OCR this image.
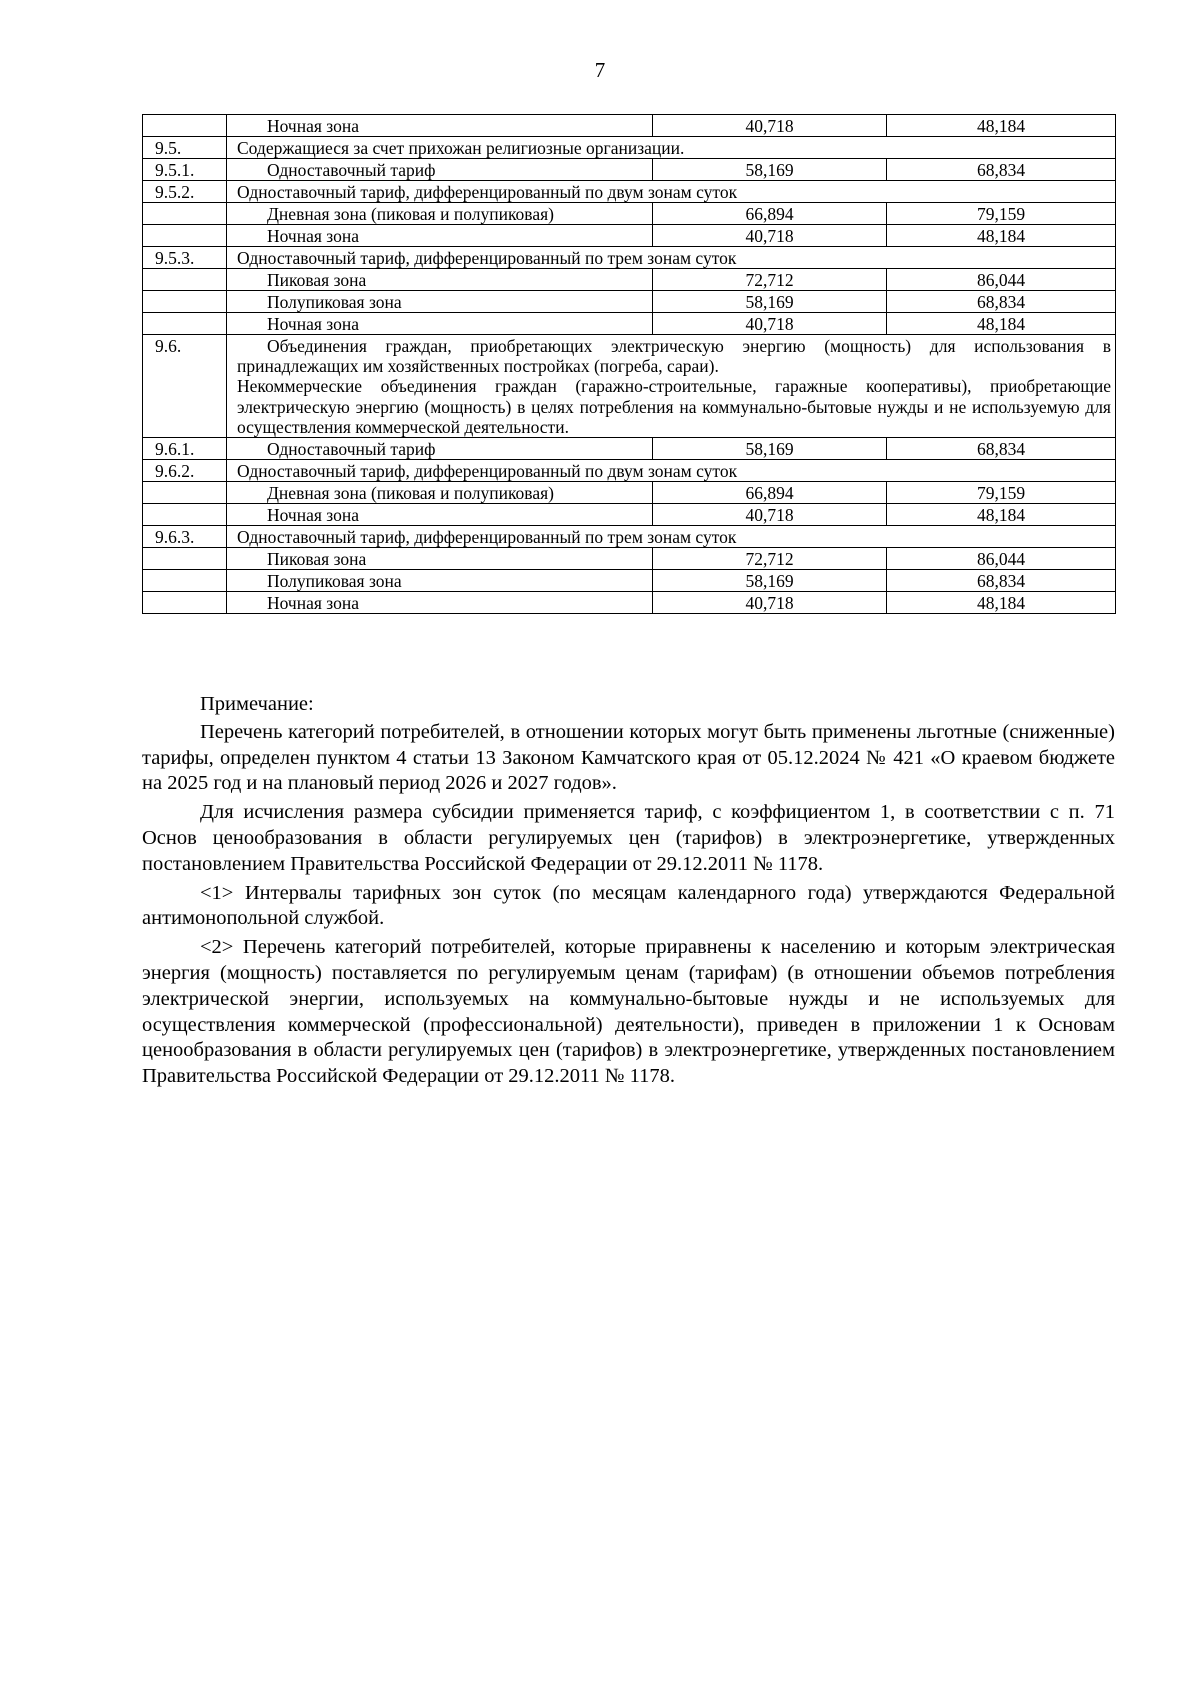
7
	Ночная зона	40,718	48,184
9.5.	Содержащиеся за счет прихожан религиозные организации.		
9.5.1.	Одноставочный тариф	58,169	68,834
9.5.2.	Одноставочный тариф, дифференцированный по двум зонам суток		
	Дневная зона (пиковая и полупиковая)	66,894	79,159
	Ночная зона	40,718	48,184
9.5.3.	Одноставочный тариф, дифференцированный по трем зонам суток		
	Пиковая зона	72,712	86,044
	Полупиковая зона	58,169	68,834
	Ночная зона	40,718	48,184
9.6.	Объединения граждан, приобретающих электрическую энергию (мощность) для использования в принадлежащих им хозяйственных постройках (погреба, сараи).
Некоммерческие объединения граждан (гаражно-строительные, гаражные кооперативы), приобретающие электрическую энергию (мощность) в целях потребления на коммунально-бытовые нужды и не используемую для осуществления коммерческой деятельности.		

9.6.1.	Одноставочный тариф	58,169	68,834
9.6.2.	Одноставочный тариф, дифференцированный по двум зонам суток		
	Дневная зона (пиковая и полупиковая)	66,894	79,159
	Ночная зона	40,718	48,184
9.6.3.	Одноставочный тариф, дифференцированный по трем зонам суток		
	Пиковая зона	72,712	86,044
	Полупиковая зона	58,169	68,834
	Ночная зона	40,718	48,184

Примечание:

Перечень категорий потребителей, в отношении которых могут быть применены льготные (сниженные) тарифы, определен пунктом 4 статьи 13 Законом Камчатского края от 05.12.2024 № 421 «О краевом бюджете на 2025 год и на плановый период 2026 и 2027 годов».

Для исчисления размера субсидии применяется тариф, с коэффициентом 1, в соответствии с п. 71 Основ ценообразования в области регулируемых цен (тарифов) в электроэнергетике, утвержденных постановлением Правительства Российской Федерации от 29.12.2011 № 1178.

<1> Интервалы тарифных зон суток (по месяцам календарного года) утверждаются Федеральной антимонопольной службой.

<2> Перечень категорий потребителей, которые приравнены к населению и которым электрическая энергия (мощность) поставляется по регулируемым ценам (тарифам) (в отношении объемов потребления электрической энергии, используемых на коммунально-бытовые нужды и не используемых для осуществления коммерческой (профессиональной) деятельности), приведен в приложении 1 к Основам ценообразования в области регулируемых цен (тарифов) в электроэнергетике, утвержденных постановлением Правительства Российской Федерации от 29.12.2011 № 1178.
